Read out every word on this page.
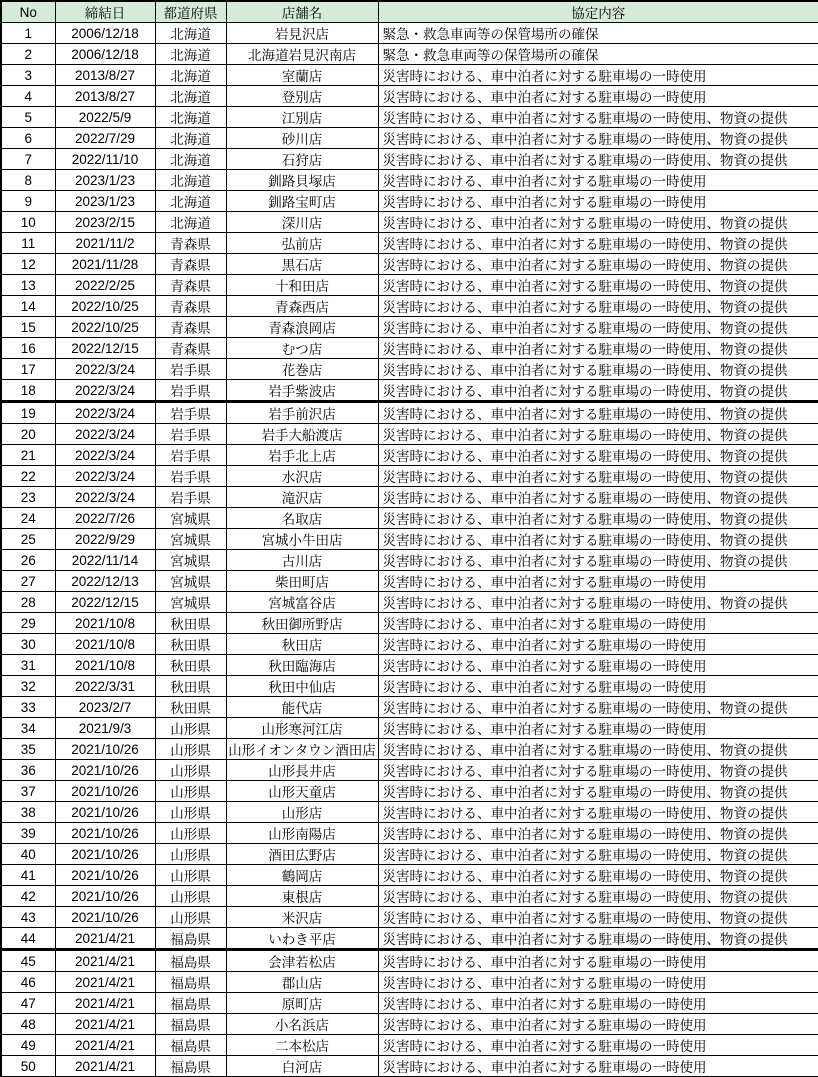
No	締結日	都道府県	店舗名	協定内容
1	2006/12/18	北海道	岩見沢店	緊急・救急車両等の保管場所の確保
2	2006/12/18	北海道	北海道岩見沢南店	緊急・救急車両等の保管場所の確保
3	2013/8/27	北海道	室蘭店	災害時における、車中泊者に対する駐車場の一時使用
4	2013/8/27	北海道	登別店	災害時における、車中泊者に対する駐車場の一時使用
5	2022/5/9	北海道	江別店	災害時における、車中泊者に対する駐車場の一時使用、物資の提供
6	2022/7/29	北海道	砂川店	災害時における、車中泊者に対する駐車場の一時使用、物資の提供
7	2022/11/10	北海道	石狩店	災害時における、車中泊者に対する駐車場の一時使用、物資の提供
8	2023/1/23	北海道	釧路貝塚店	災害時における、車中泊者に対する駐車場の一時使用
9	2023/1/23	北海道	釧路宝町店	災害時における、車中泊者に対する駐車場の一時使用
10	2023/2/15	北海道	深川店	災害時における、車中泊者に対する駐車場の一時使用、物資の提供
11	2021/11/2	青森県	弘前店	災害時における、車中泊者に対する駐車場の一時使用、物資の提供
12	2021/11/28	青森県	黒石店	災害時における、車中泊者に対する駐車場の一時使用、物資の提供
13	2022/2/25	青森県	十和田店	災害時における、車中泊者に対する駐車場の一時使用、物資の提供
14	2022/10/25	青森県	青森西店	災害時における、車中泊者に対する駐車場の一時使用、物資の提供
15	2022/10/25	青森県	青森浪岡店	災害時における、車中泊者に対する駐車場の一時使用、物資の提供
16	2022/12/15	青森県	むつ店	災害時における、車中泊者に対する駐車場の一時使用、物資の提供
17	2022/3/24	岩手県	花巻店	災害時における、車中泊者に対する駐車場の一時使用、物資の提供
18	2022/3/24	岩手県	岩手紫波店	災害時における、車中泊者に対する駐車場の一時使用、物資の提供
19	2022/3/24	岩手県	岩手前沢店	災害時における、車中泊者に対する駐車場の一時使用、物資の提供
20	2022/3/24	岩手県	岩手大船渡店	災害時における、車中泊者に対する駐車場の一時使用、物資の提供
21	2022/3/24	岩手県	岩手北上店	災害時における、車中泊者に対する駐車場の一時使用、物資の提供
22	2022/3/24	岩手県	水沢店	災害時における、車中泊者に対する駐車場の一時使用、物資の提供
23	2022/3/24	岩手県	滝沢店	災害時における、車中泊者に対する駐車場の一時使用、物資の提供
24	2022/7/26	宮城県	名取店	災害時における、車中泊者に対する駐車場の一時使用、物資の提供
25	2022/9/29	宮城県	宮城小牛田店	災害時における、車中泊者に対する駐車場の一時使用、物資の提供
26	2022/11/14	宮城県	古川店	災害時における、車中泊者に対する駐車場の一時使用、物資の提供
27	2022/12/13	宮城県	柴田町店	災害時における、車中泊者に対する駐車場の一時使用
28	2022/12/15	宮城県	宮城富谷店	災害時における、車中泊者に対する駐車場の一時使用、物資の提供
29	2021/10/8	秋田県	秋田御所野店	災害時における、車中泊者に対する駐車場の一時使用
30	2021/10/8	秋田県	秋田店	災害時における、車中泊者に対する駐車場の一時使用
31	2021/10/8	秋田県	秋田臨海店	災害時における、車中泊者に対する駐車場の一時使用
32	2022/3/31	秋田県	秋田中仙店	災害時における、車中泊者に対する駐車場の一時使用
33	2023/2/7	秋田県	能代店	災害時における、車中泊者に対する駐車場の一時使用、物資の提供
34	2021/9/3	山形県	山形寒河江店	災害時における、車中泊者に対する駐車場の一時使用
35	2021/10/26	山形県	山形イオンタウン酒田店	災害時における、車中泊者に対する駐車場の一時使用、物資の提供
36	2021/10/26	山形県	山形長井店	災害時における、車中泊者に対する駐車場の一時使用、物資の提供
37	2021/10/26	山形県	山形天童店	災害時における、車中泊者に対する駐車場の一時使用、物資の提供
38	2021/10/26	山形県	山形店	災害時における、車中泊者に対する駐車場の一時使用、物資の提供
39	2021/10/26	山形県	山形南陽店	災害時における、車中泊者に対する駐車場の一時使用、物資の提供
40	2021/10/26	山形県	酒田広野店	災害時における、車中泊者に対する駐車場の一時使用、物資の提供
41	2021/10/26	山形県	鶴岡店	災害時における、車中泊者に対する駐車場の一時使用、物資の提供
42	2021/10/26	山形県	東根店	災害時における、車中泊者に対する駐車場の一時使用、物資の提供
43	2021/10/26	山形県	米沢店	災害時における、車中泊者に対する駐車場の一時使用、物資の提供
44	2021/4/21	福島県	いわき平店	災害時における、車中泊者に対する駐車場の一時使用、物資の提供
45	2021/4/21	福島県	会津若松店	災害時における、車中泊者に対する駐車場の一時使用
46	2021/4/21	福島県	郡山店	災害時における、車中泊者に対する駐車場の一時使用
47	2021/4/21	福島県	原町店	災害時における、車中泊者に対する駐車場の一時使用
48	2021/4/21	福島県	小名浜店	災害時における、車中泊者に対する駐車場の一時使用
49	2021/4/21	福島県	二本松店	災害時における、車中泊者に対する駐車場の一時使用
50	2021/4/21	福島県	白河店	災害時における、車中泊者に対する駐車場の一時使用
